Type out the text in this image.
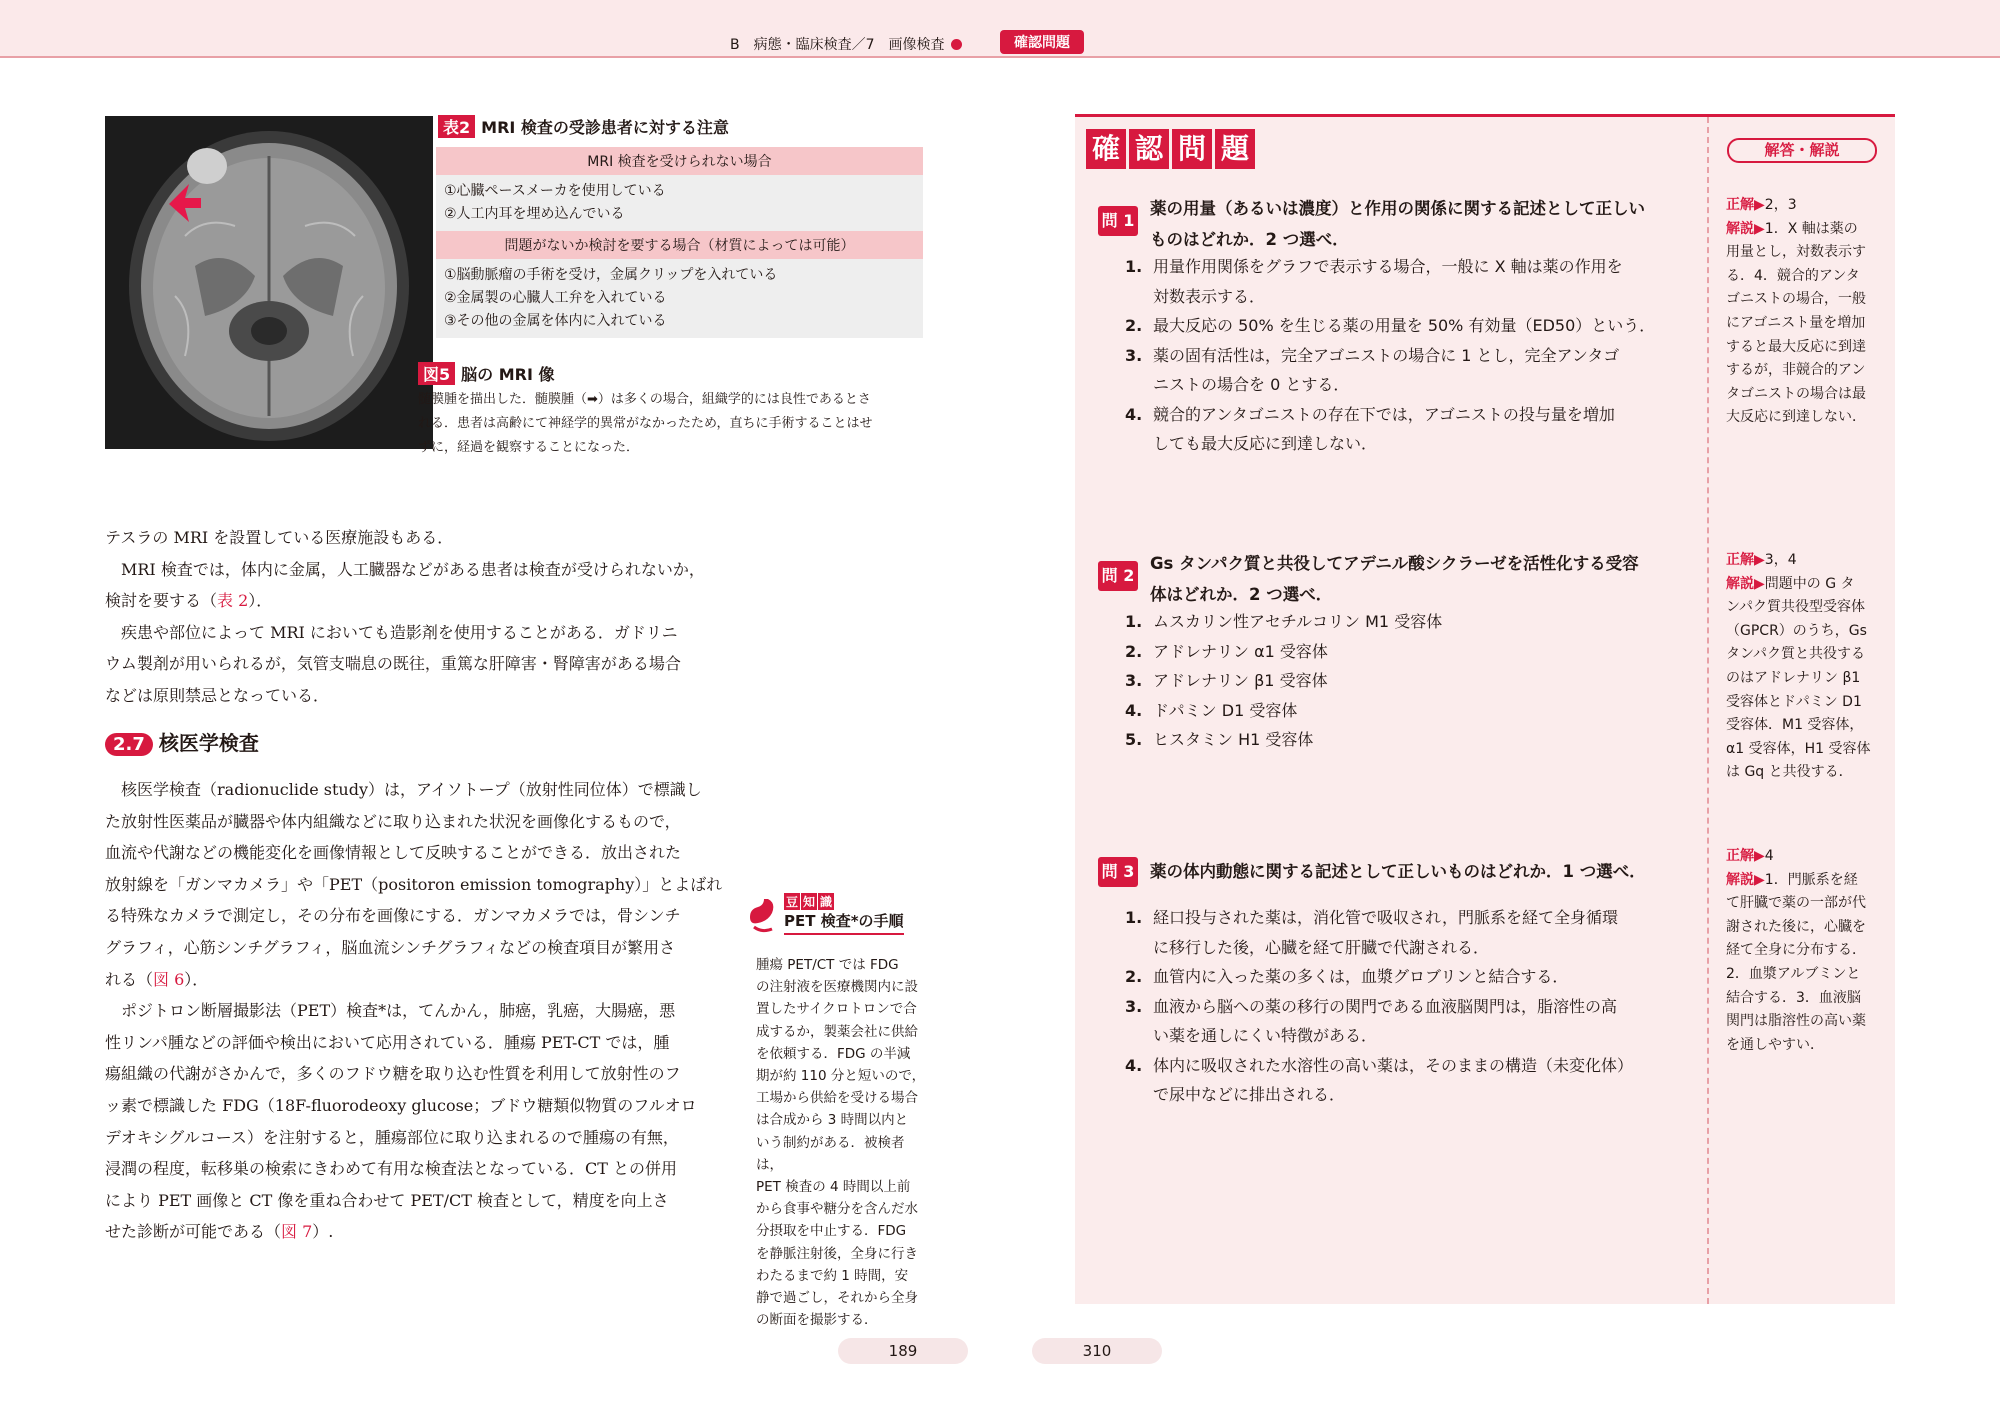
B　病態・臨床検査／7　画像検査	確認問題
表2 MRI 検査の受診患者に対する注意
MRI 検査を受けられない場合
①心臓ペースメーカを使用している
②人工内耳を埋め込んでいる
問題がないか検討を要する場合（材質によっては可能）
①脳動脈瘤の手術を受け，金属クリップを入れている
②金属製の心臓人工弁を入れている
③その他の金属を体内に入れている
図5 脳の MRI 像
髄膜腫を描出した．髄膜腫（➡）は多くの場合，組織学的には良性であるとさ
れる．患者は高齢にて神経学的異常がなかったため，直ちに手術することはせ
ずに，経過を観察することになった．

テスラの MRI を設置している医療施設もある．

MRI 検査では，体内に金属，人工臓器などがある患者は検査が受けられないか，

検討を要する（表 2）．

疾患や部位によって MRI においても造影剤を使用することがある．ガドリニ

ウム製剤が用いられるが，気管支喘息の既往，重篤な肝障害・腎障害がある場合

などは原則禁忌となっている．

2.7 核医学検査

核医学検査（radionuclide study）は，アイソトープ（放射性同位体）で標識し

た放射性医薬品が臓器や体内組織などに取り込まれた状況を画像化するもので，

血流や代謝などの機能変化を画像情報として反映することができる．放出された

放射線を「ガンマカメラ」や「PET（positoron emission tomography）」とよばれ

る特殊なカメラで測定し，その分布を画像にする．ガンマカメラでは，骨シンチ

グラフィ，心筋シンチグラフィ，脳血流シンチグラフィなどの検査項目が繁用さ

れる（図 6）．

ポジトロン断層撮影法（PET）検査*は，てんかん，肺癌，乳癌，大腸癌，悪

性リンパ腫などの評価や検出において応用されている．腫瘍 PET-CT では，腫

瘍組織の代謝がさかんで，多くのフドウ糖を取り込む性質を利用して放射性のフ

ッ素で標識した FDG（18F-fluorodeoxy glucose；ブドウ糖類似物質のフルオロ

デオキシグルコース）を注射すると，腫瘍部位に取り込まれるので腫瘍の有無，

浸潤の程度，転移巣の検索にきわめて有用な検査法となっている．CT との併用

により PET 画像と CT 像を重ね合わせて PET/CT 検査として，精度を向上さ

せた診断が可能である（図 7）.

豆 知 識
PET 検査*の手順
腫瘍 PET/CT では FDG
の注射液を医療機関内に設
置したサイクロトロンで合
成するか，製薬会社に供給
を依頼する．FDG の半減
期が約 110 分と短いので，
工場から供給を受ける場合
は合成から 3 時間以内と
いう制約がある．被検者は，
PET 検査の 4 時間以上前
から食事や糖分を含んだ水
分摂取を中止する．FDG
を静脈注射後，全身に行き
わたるまで約 1 時間，安
静で過ごし，それから全身
の断面を撮影する．
189
確 認 問 題	解答・解説
問 1
薬の用量（あるいは濃度）と作用の関係に関する記述として正しい
ものはどれか．2 つ選べ．
1. 用量作用関係をグラフで表示する場合，一般に X 軸は薬の作用を
対数表示する．
2. 最大反応の 50% を生じる薬の用量を 50% 有効量（ED50）という．
3. 薬の固有活性は，完全アゴニストの場合に 1 とし，完全アンタゴ
ニストの場合を 0 とする．
4. 競合的アンタゴニストの存在下では，アゴニストの投与量を増加
しても最大反応に到達しない．
正解▶2，3
解説▶1．X 軸は薬の
用量とし，対数表示す
る．4．競合的アンタ
ゴニストの場合，一般
にアゴニスト量を増加
すると最大反応に到達
するが，非競合的アン
タゴニストの場合は最
大反応に到達しない．
問 2
Gs タンパク質と共役してアデニル酸シクラーゼを活性化する受容
体はどれか．2 つ選べ．
1. ムスカリン性アセチルコリン M1 受容体
2. アドレナリン α1 受容体
3. アドレナリン β1 受容体
4. ドパミン D1 受容体
5. ヒスタミン H1 受容体
正解▶3，4
解説▶問題中の G タ
ンパク質共役型受容体
（GPCR）のうち，Gs
タンパク質と共役する
のはアドレナリン β1
受容体とドパミン D1
受容体．M1 受容体，
α1 受容体，H1 受容体
は Gq と共役する．
問 3 薬の体内動態に関する記述として正しいものはどれか．1 つ選べ．
1. 経口投与された薬は，消化管で吸収され，門脈系を経て全身循環
に移行した後，心臓を経て肝臓で代謝される．
2. 血管内に入った薬の多くは，血漿グロブリンと結合する．
3. 血液から脳への薬の移行の関門である血液脳関門は，脂溶性の高
い薬を通しにくい特徴がある．
4. 体内に吸収された水溶性の高い薬は，そのままの構造（未変化体）
で尿中などに排出される．
正解▶4
解説▶1．門脈系を経
て肝臓で薬の一部が代
謝された後に，心臓を
経て全身に分布する．
2．血漿アルブミンと
結合する．3．血液脳
関門は脂溶性の高い薬
を通しやすい．
310
